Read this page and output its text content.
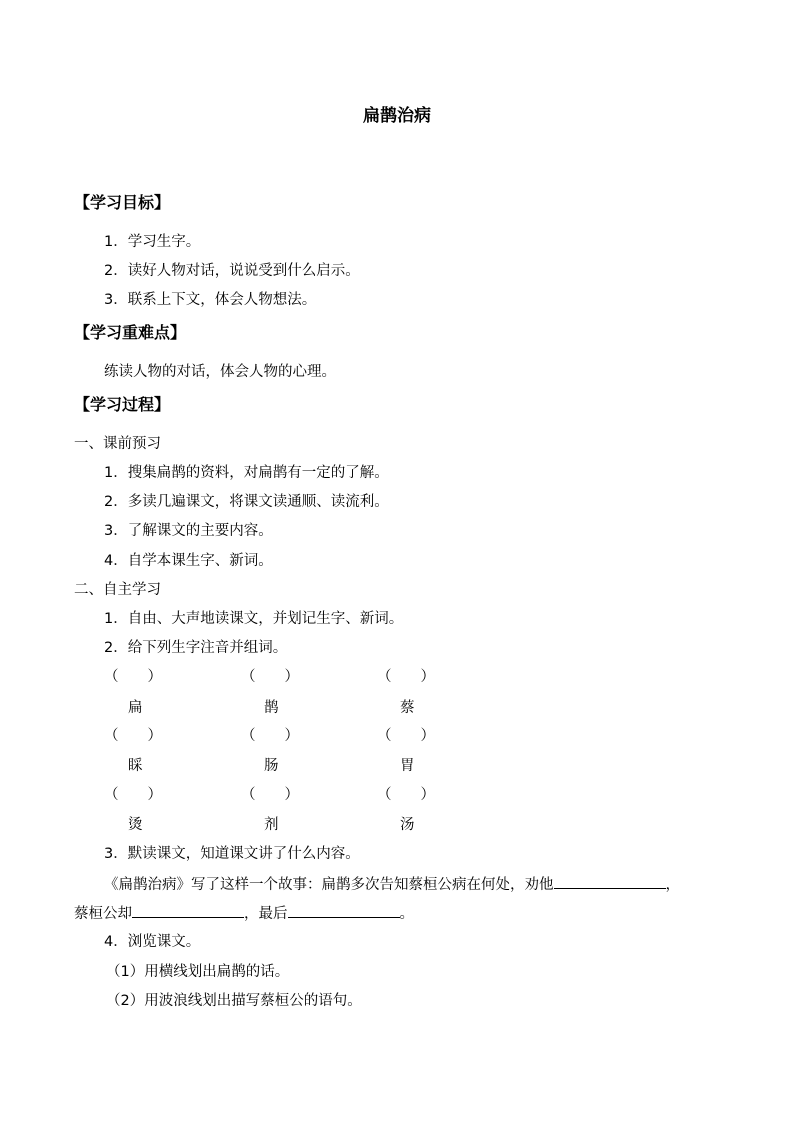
扁鹊治病
【学习目标】
1．学习生字。
2．读好人物对话，说说受到什么启示。
3．联系上下文，体会人物想法。
【学习重难点】
练读人物的对话，体会人物的心理。
【学习过程】
一、课前预习
1．搜集扁鹊的资料，对扁鹊有一定的了解。
2．多读几遍课文，将课文读通顺、读流利。
3．了解课文的主要内容。
4．自学本课生字、新词。
二、自主学习
1．自由、大声地读课文，并划记生字、新词。
2．给下列生字注音并组词。
（　　）	（　　）	（　　）
扁	鹊	蔡
（　　）	（　　）	（　　）
睬	肠	胃
（　　）	（　　）	（　　）
烫	剂	汤
3．默读课文，知道课文讲了什么内容。
《扁鹊治病》写了这样一个故事：扁鹊多次告知蔡桓公病在何处，劝他	，
蔡桓公却	，最后	。
4．浏览课文。
（1）用横线划出扁鹊的话。
（2）用波浪线划出描写蔡桓公的语句。
